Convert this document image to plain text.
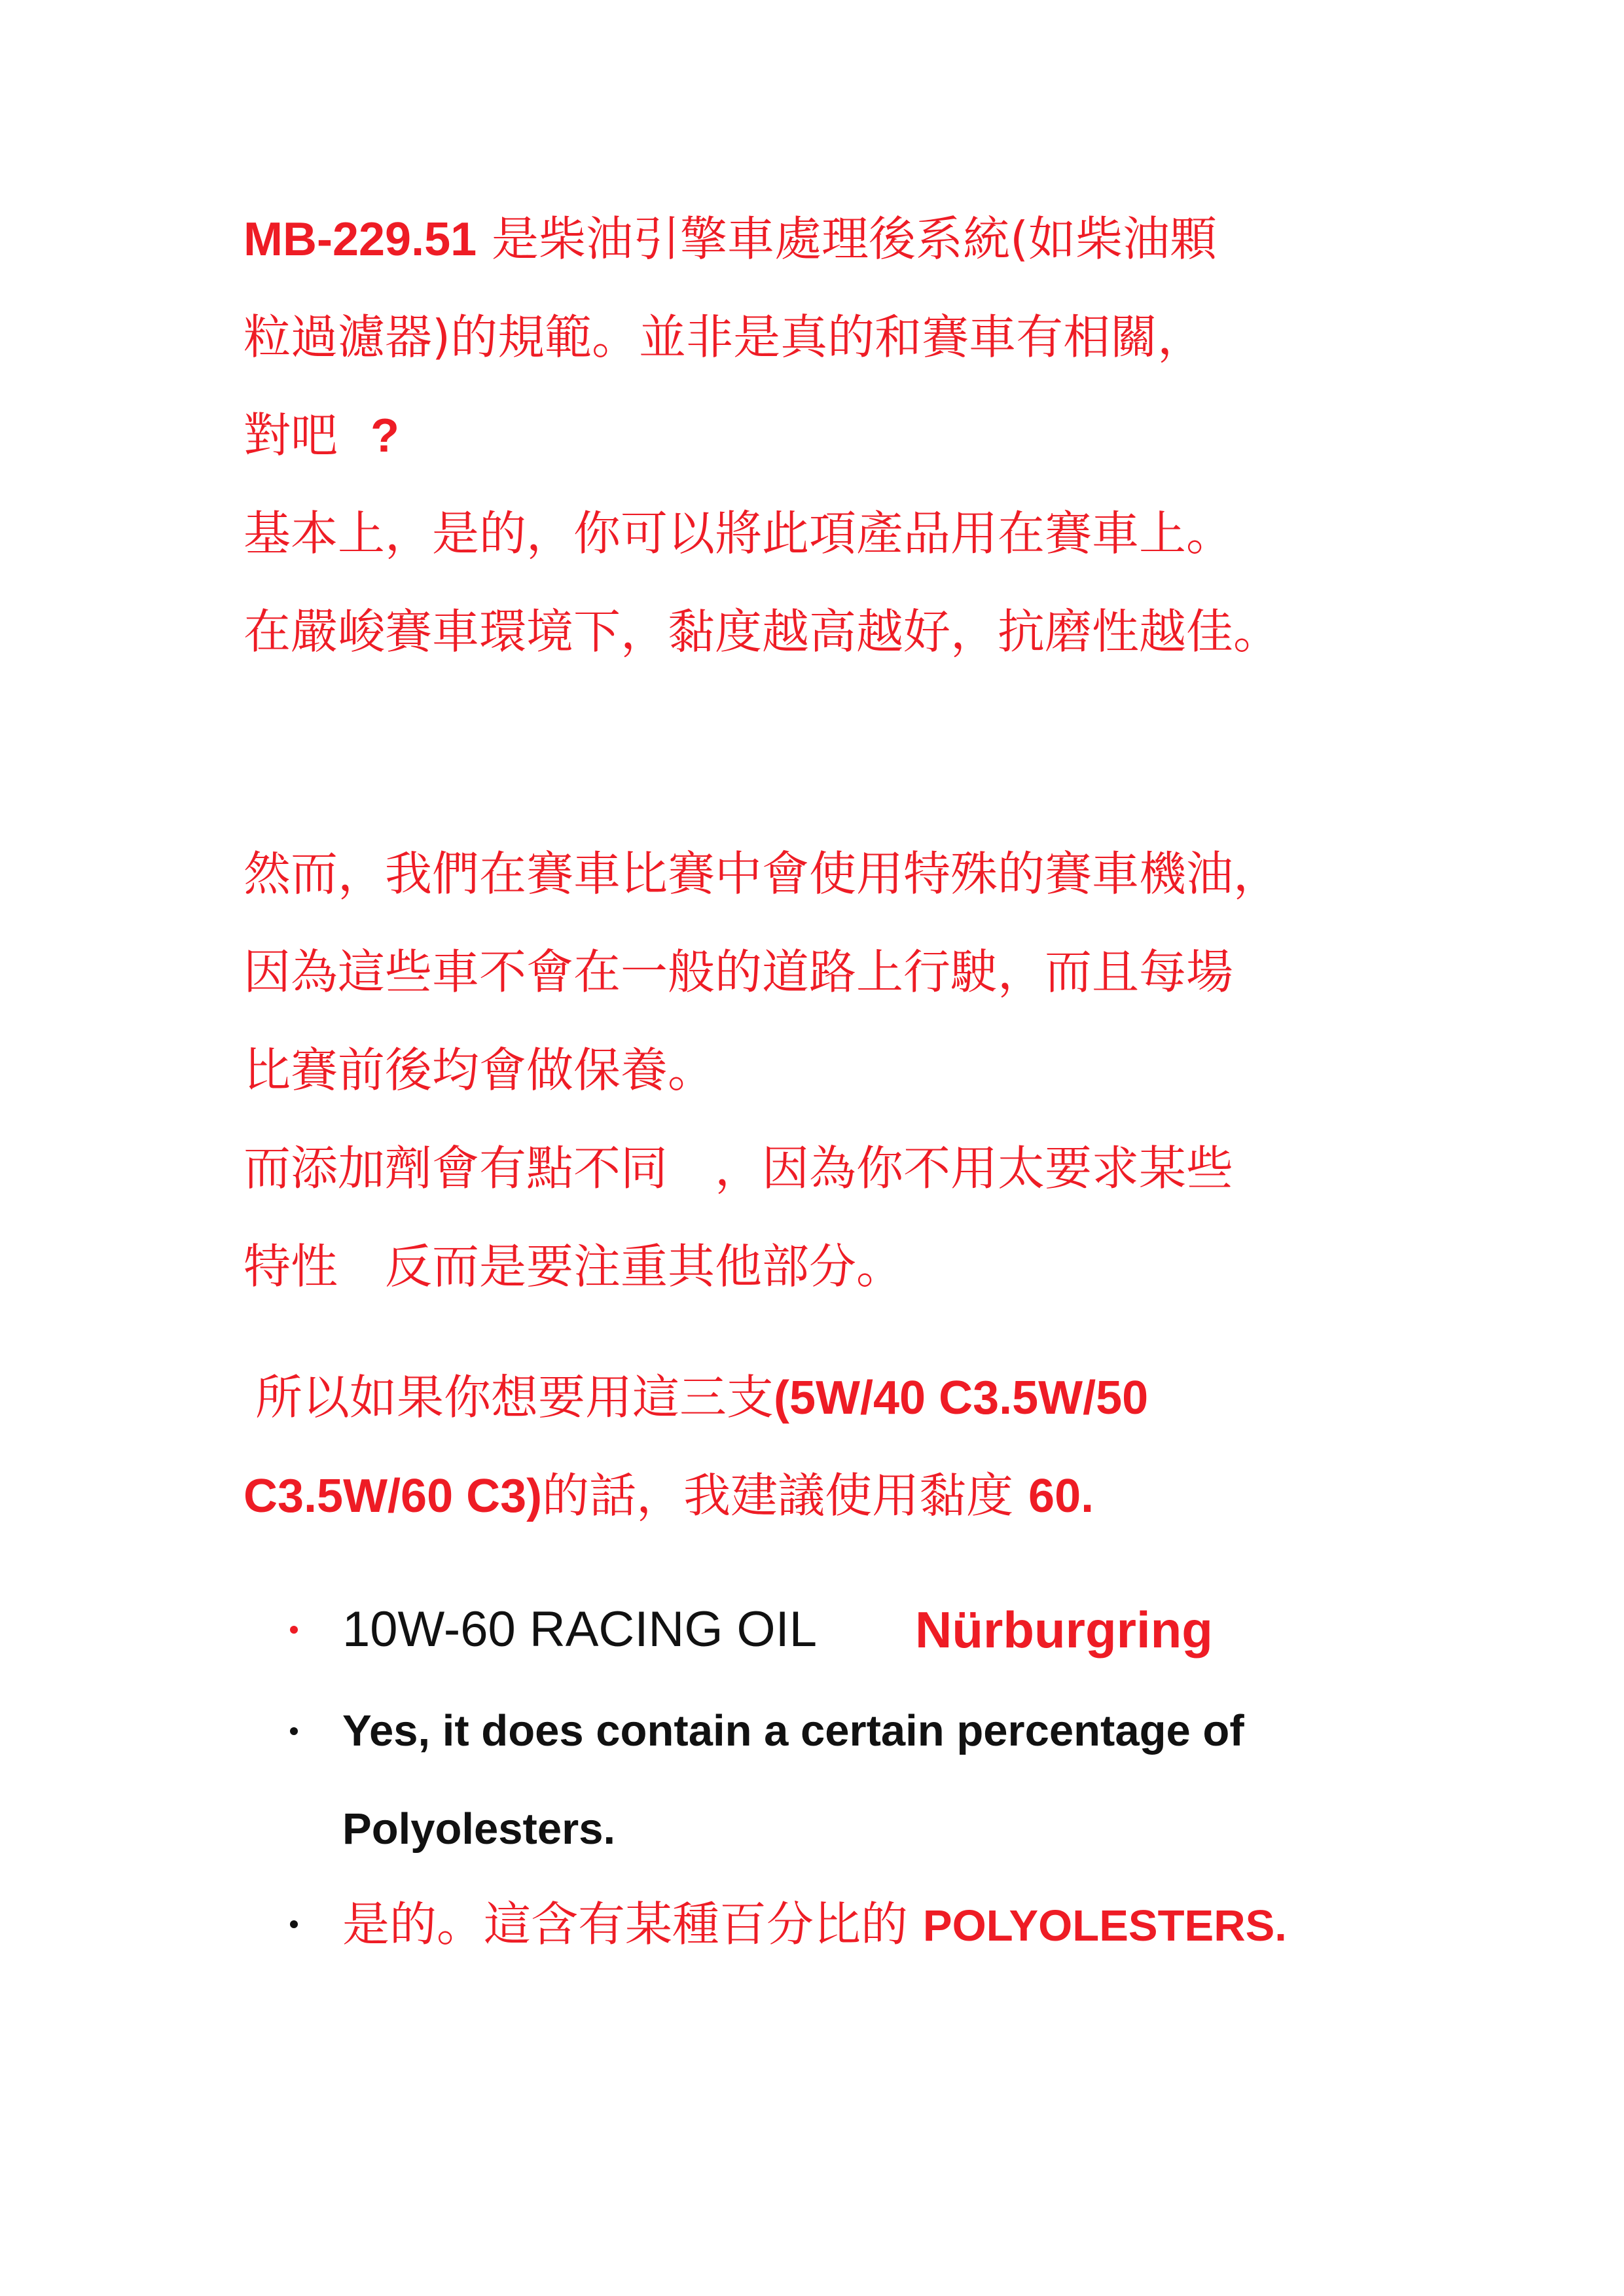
MB-229.51 是柴油引擎車處理後系統(如柴油顆
粒過濾器)的規範。並非是真的和賽車有相關，
對吧 ?
基本上，是的，你可以將此項產品用在賽車上。
在嚴峻賽車環境下，黏度越高越好，抗磨性越佳。
然而，我們在賽車比賽中會使用特殊的賽車機油，
因為這些車不會在一般的道路上行駛，而且每場
比賽前後均會做保養。
而添加劑會有點不同　，因為你不用太要求某些
特性　反而是要注重其他部分。
所以如果你想要用這三支(5W/40 C3.5W/50
C3.5W/60 C3)的話，我建議使用黏度 60.
10W-60 RACING OIL Nürburgring
Yes, it does contain a certain percentage of
Polyolesters.
是的。這含有某種百分比的 POLYOLESTERS.
